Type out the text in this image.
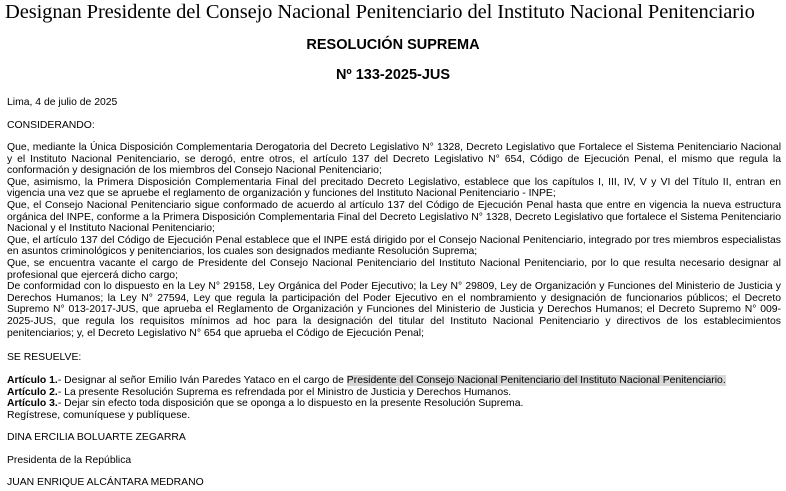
Designan Presidente del Consejo Nacional Penitenciario del Instituto Nacional Penitenciario
RESOLUCIÓN SUPREMA
Nº 133-2025-JUS
Lima, 4 de julio de 2025
CONSIDERANDO:

Que, mediante la Única Disposición Complementaria Derogatoria del Decreto Legislativo N° 1328, Decreto Legislativo que Fortalece el Sistema Penitenciario Nacional y el Instituto Nacional Penitenciario, se derogó, entre otros, el artículo 137 del Decreto Legislativo N° 654, Código de Ejecución Penal, el mismo que regula la conformación y designación de los miembros del Consejo Nacional Penitenciario;

Que, asimismo, la Primera Disposición Complementaria Final del precitado Decreto Legislativo, establece que los capítulos I, III, IV, V y VI del Título II, entran en vigencia una vez que se apruebe el reglamento de organización y funciones del Instituto Nacional Penitenciario - INPE;

Que, el Consejo Nacional Penitenciario sigue conformado de acuerdo al artículo 137 del Código de Ejecución Penal hasta que entre en vigencia la nueva estructura orgánica del INPE, conforme a la Primera Disposición Complementaria Final del Decreto Legislativo N° 1328, Decreto Legislativo que fortalece el Sistema Penitenciario Nacional y el Instituto Nacional Penitenciario;

Que, el artículo 137 del Código de Ejecución Penal establece que el INPE está dirigido por el Consejo Nacional Penitenciario, integrado por tres miembros especialistas en asuntos criminológicos y penitenciarios, los cuales son designados mediante Resolución Suprema;

Que, se encuentra vacante el cargo de Presidente del Consejo Nacional Penitenciario del Instituto Nacional Penitenciario, por lo que resulta necesario designar al profesional que ejercerá dicho cargo;

De conformidad con lo dispuesto en la Ley N° 29158, Ley Orgánica del Poder Ejecutivo; la Ley N° 29809, Ley de Organización y Funciones del Ministerio de Justicia y Derechos Humanos; la Ley N° 27594, Ley que regula la participación del Poder Ejecutivo en el nombramiento y designación de funcionarios públicos; el Decreto Supremo N° 013-2017-JUS, que aprueba el Reglamento de Organización y Funciones del Ministerio de Justicia y Derechos Humanos; el Decreto Supremo N° 009-2025-JUS, que regula los requisitos mínimos ad hoc para la designación del titular del Instituto Nacional Penitenciario y directivos de los establecimientos penitenciarios; y, el Decreto Legislativo N° 654 que aprueba el Código de Ejecución Penal;

SE RESUELVE:

Artículo 1.- Designar al señor Emilio Iván Paredes Yataco en el cargo de Presidente del Consejo Nacional Penitenciario del Instituto Nacional Penitenciario.

Artículo 2.- La presente Resolución Suprema es refrendada por el Ministro de Justicia y Derechos Humanos.

Artículo 3.- Dejar sin efecto toda disposición que se oponga a lo dispuesto en la presente Resolución Suprema.

Regístrese, comuníquese y publíquese.

DINA ERCILIA BOLUARTE ZEGARRA
Presidenta de la República
JUAN ENRIQUE ALCÁNTARA MEDRANO
